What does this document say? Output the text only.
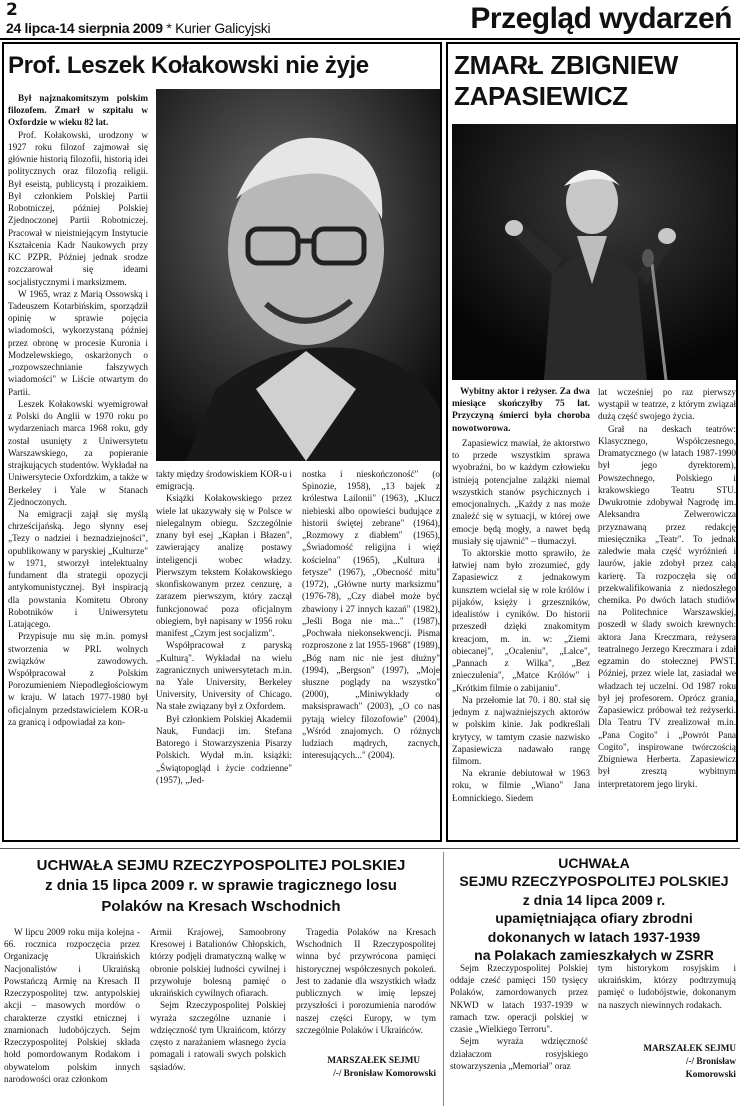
2
24 lipca-14 sierpnia 2009 * Kurier Galicyjski	Przegląd wydarzeń
Prof. Leszek Kołakowski nie żyje

Był najznakomitszym polskim filozofem. Zmarł w szpitalu w Oxfordzie w wieku 82 lat.

Prof. Kołakowski, urodzony w 1927 roku filozof zajmował się głównie historią filozofii, historią idei politycznych oraz filozofią religii. Był eseistą, publicystą i prozaikiem. Był członkiem Polskiej Partii Robotniczej, później Polskiej Zjednoczonej Partii Robotniczej. Pracował w nieistniejącym Instytucie Kształcenia Kadr Naukowych przy KC PZPR. Później jednak srodze rozczarował się ideami socjalistycznymi i marksizmem.

W 1965, wraz z Marią Ossowską i Tadeuszem Kotarbińskim, sporządził opinię w sprawie pojęcia wiadomości, wykorzystaną później przez obronę w procesie Kuronia i Modzelewskiego, oskarżonych o „rozpowszechnianie fałszywych wiadomości" w Liście otwartym do Partii.

Leszek Kołakowski wyemigrował z Polski do Anglii w 1970 roku po wydarzeniach marca 1968 roku, gdy został usunięty z Uniwersytetu Warszawskiego, za popieranie strajkujących studentów. Wykładał na Uniwersytecie Oxfordzkim, a także w Berkeley i Yale w Stanach Zjednoczonych.

Na emigracji zajął się myślą chrześcijańską. Jego słynny esej „Tezy o nadziei i beznadziejności", opublikowany w paryskiej „Kulturze" w 1971, stworzył intelektualny fundament dla strategii opozycji antykomunistycznej. Był inspiracją dla powstania Komitetu Obrony Robotników i Uniwersytetu Latającego.

Przypisuje mu się m.in. pomysł stworzenia w PRL wolnych związków zawodowych. Współpracował z Polskim Porozumieniem Niepodległościowym w kraju. W latach 1977-1980 był oficjalnym przedstawicielem KOR-u za granicą i odpowiadał za kon-

takty między środowiskiem KOR-u i emigracją.

Książki Kołakowskiego przez wiele lat ukazywały się w Polsce w nielegalnym obiegu. Szczególnie znany był esej „Kapłan i Błazen", zawierający analizę postawy inteligencji wobec władzy. Pierwszym tekstem Kołakowskiego skonfiskowanym przez cenzurę, a zarazem pierwszym, który zaczął funkcjonować poza oficjalnym obiegiem, był napisany w 1956 roku manifest „Czym jest socjalizm".

Współpracował z paryską „Kulturą". Wykładał na wielu zagranicznych uniwersytetach m.in. na Yale University, Berkeley University, University of Chicago. Na stałe związany był z Oxfordem.

Był członkiem Polskiej Akademii Nauk, Fundacji im. Stefana Batorego i Stowarzyszenia Pisarzy Polskich. Wydał m.in. książki: „Świątopogląd i życie codzienne" (1957), „Jed-

nostka i nieskończoność" (o Spinozie, 1958), „13 bajek z królestwa Lailonii" (1963), „Klucz niebieski albo opowieści budujące z historii świętej zebrane" (1964), „Rozmowy z diabłem" (1965), „Świadomość religijna i więź kościelna" (1965), „Kultura i fetysze" (1967), „Obecność mitu" (1972), „Główne nurty marksizmu" (1976-78), „Czy diabeł może być zbawiony i 27 innych kazań" (1982), „Jeśli Boga nie ma..." (1987), „Pochwała niekonsekwencji. Pisma rozproszone z lat 1955-1968" (1989), „Bóg nam nic nie jest dłużny" (1994), „Bergson" (1997), „Moje słuszne poglądy na wszystko" (2000), „Miniwykłady o maksisprawach" (2003), „O co nas pytają wielcy filozofowie" (2004), „Wśród znajomych. O różnych ludziach mądrych, zacnych, interesujących..." (2004).

ZMARŁ ZBIGNIEW ZAPASIEWICZ

Wybitny aktor i reżyser. Za dwa miesiące skończyłby 75 lat. Przyczyną śmierci była choroba nowotworowa.

Zapasiewicz mawiał, że aktorstwo to przede wszystkim sprawa wyobraźni, bo w każdym człowieku istnieją potencjalne zalążki niemal wszystkich stanów psychicznych i emocjonalnych. „Każdy z nas może znaleźć się w sytuacji, w której owe emocje będą mogły, a nawet będą musiały się ujawnić" – tłumaczył.

To aktorskie motto sprawiło, że łatwiej nam było zrozumieć, gdy Zapasiewicz z jednakowym kunsztem wcielał się w role królów i pijaków, księży i grzeszników, idealistów i cyników. Do historii przeszedł dzięki znakomitym kreacjom, m. in. w: „Ziemi obiecanej", „Ocaleniu", „Lalce", „Pannach z Wilka", „Bez znieczulenia", „Matce Królów" i „Krótkim filmie o zabijaniu".

Na przełomie lat 70. i 80. stał się jednym z najważniejszych aktorów w polskim kinie. Jak podkreślali krytycy, w tamtym czasie nazwisko Zapasiewicza nadawało rangę filmom.

Na ekranie debiutował w 1963 roku, w filmie „Wiano" Jana Łomnickiego. Siedem

lat wcześniej po raz pierwszy wystąpił w teatrze, z którym związał dużą część swojego życia.

Grał na deskach teatrów: Klasycznego, Współczesnego, Dramatycznego (w latach 1987-1990 był jego dyrektorem), Powszechnego, Polskiego i krakowskiego Teatru STU. Dwukrotnie zdobywał Nagrodę im. Aleksandra Zelwerowicza przyznawaną przez redakcję miesięcznika „Teatr". To jednak zaledwie mała część wyróżnień i laurów, jakie zdobył przez całą karierę. Ta rozpoczęła się od przekwalifikowania z niedoszłego chemika. Po dwóch latach studiów na Politechnice Warszawskiej, poszedł w ślady swoich krewnych: aktora Jana Kreczmara, reżysera teatralnego Jerzego Kreczmara i zdał egzamin do stołecznej PWST. Później, przez wiele lat, zasiadał we władzach tej uczelni. Od 1987 roku był jej profesorem. Oprócz grania, Zapasiewicz próbował też reżyserki. Dla Teatru TV zrealizował m.in. „Pana Cogito" i „Powrót Pana Cogito", inspirowane twórczością Zbigniewa Herberta. Zapasiewicz był zresztą wybitnym interpretatorem jego liryki.

UCHWAŁA SEJMU RZECZYPOSPOLITEJ POLSKIEJ
z dnia 15 lipca 2009 r. w sprawie tragicznego losu
Polaków na Kresach Wschodnich

W lipcu 2009 roku mija kolejna - 66. rocznica rozpoczęcia przez Organizację Ukraińskich Nacjonalistów i Ukraińską Powstańczą Armię na Kresach II Rzeczypospolitej tzw. antypolskiej akcji – masowych mordów o charakterze czystki etnicznej i znamionach ludobójczych. Sejm Rzeczypospolitej Polskiej składa hołd pomordowanym Rodakom i obywatelom polskim innych narodowości oraz członkom

Armii Krajowej, Samoobrony Kresowej i Batalionów Chłopskich, którzy podjęli dramatyczną walkę w obronie polskiej ludności cywilnej i przywołuje bolesną pamięć o ukraińskich cywilnych ofiarach.

Sejm Rzeczypospolitej Polskiej wyraża szczególne uznanie i wdzięczność tym Ukraińcom, którzy często z narażaniem własnego życia pomagali i ratowali swych polskich sąsiadów.

Tragedia Polaków na Kresach Wschodnich II Rzeczypospolitej winna być przywrócona pamięci historycznej współczesnych pokoleń. Jest to zadanie dla wszystkich władz publicznych w imię lepszej przyszłości i porozumienia narodów naszej części Europy, w tym szczególnie Polaków i Ukraińców.

MARSZAŁEK SEJMU
/-/ Bronisław Komorowski
UCHWAŁA
SEJMU RZECZYPOSPOLITEJ POLSKIEJ
z dnia 14 lipca 2009 r.
upamiętniająca ofiary zbrodni
dokonanych w latach 1937-1939
na Polakach zamieszkałych w ZSRR

Sejm Rzeczypospolitej Polskiej oddaje cześć pamięci 150 tysięcy Polaków, zamordowanych przez NKWD w latach 1937-1939 w ramach tzw. operacji polskiej w czasie „Wielkiego Terroru".

Sejm wyraża wdzięczność działaczom rosyjskiego stowarzyszenia „Memoriał" oraz

tym historykom rosyjskim i ukraińskim, którzy podtrzymują pamięć o ludobójstwie, dokonanym na naszych niewinnych rodakach.

MARSZAŁEK SEJMU
/-/ Bronisław
Komorowski
